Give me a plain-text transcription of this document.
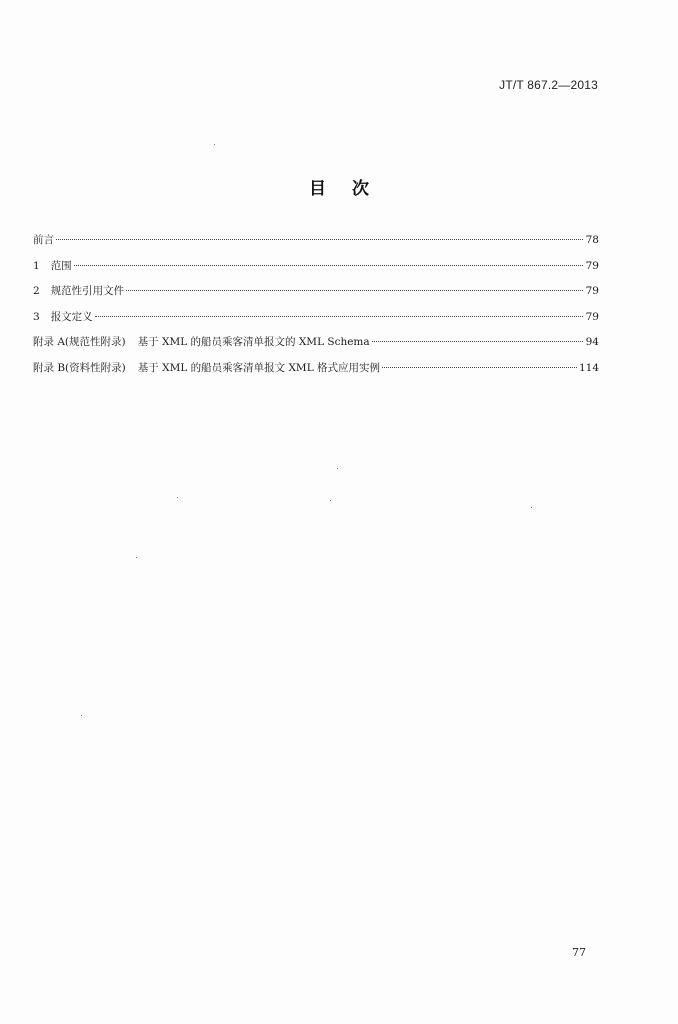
JT/T 867.2—2013
目 次
前言	78
1 范围	79
2 规范性引用文件	79
3 报文定义	79
附录 A(规范性附录) 基于 XML 的船员乘客清单报文的 XML Schema	94
附录 B(资料性附录) 基于 XML 的船员乘客清单报文 XML 格式应用实例	114
77
